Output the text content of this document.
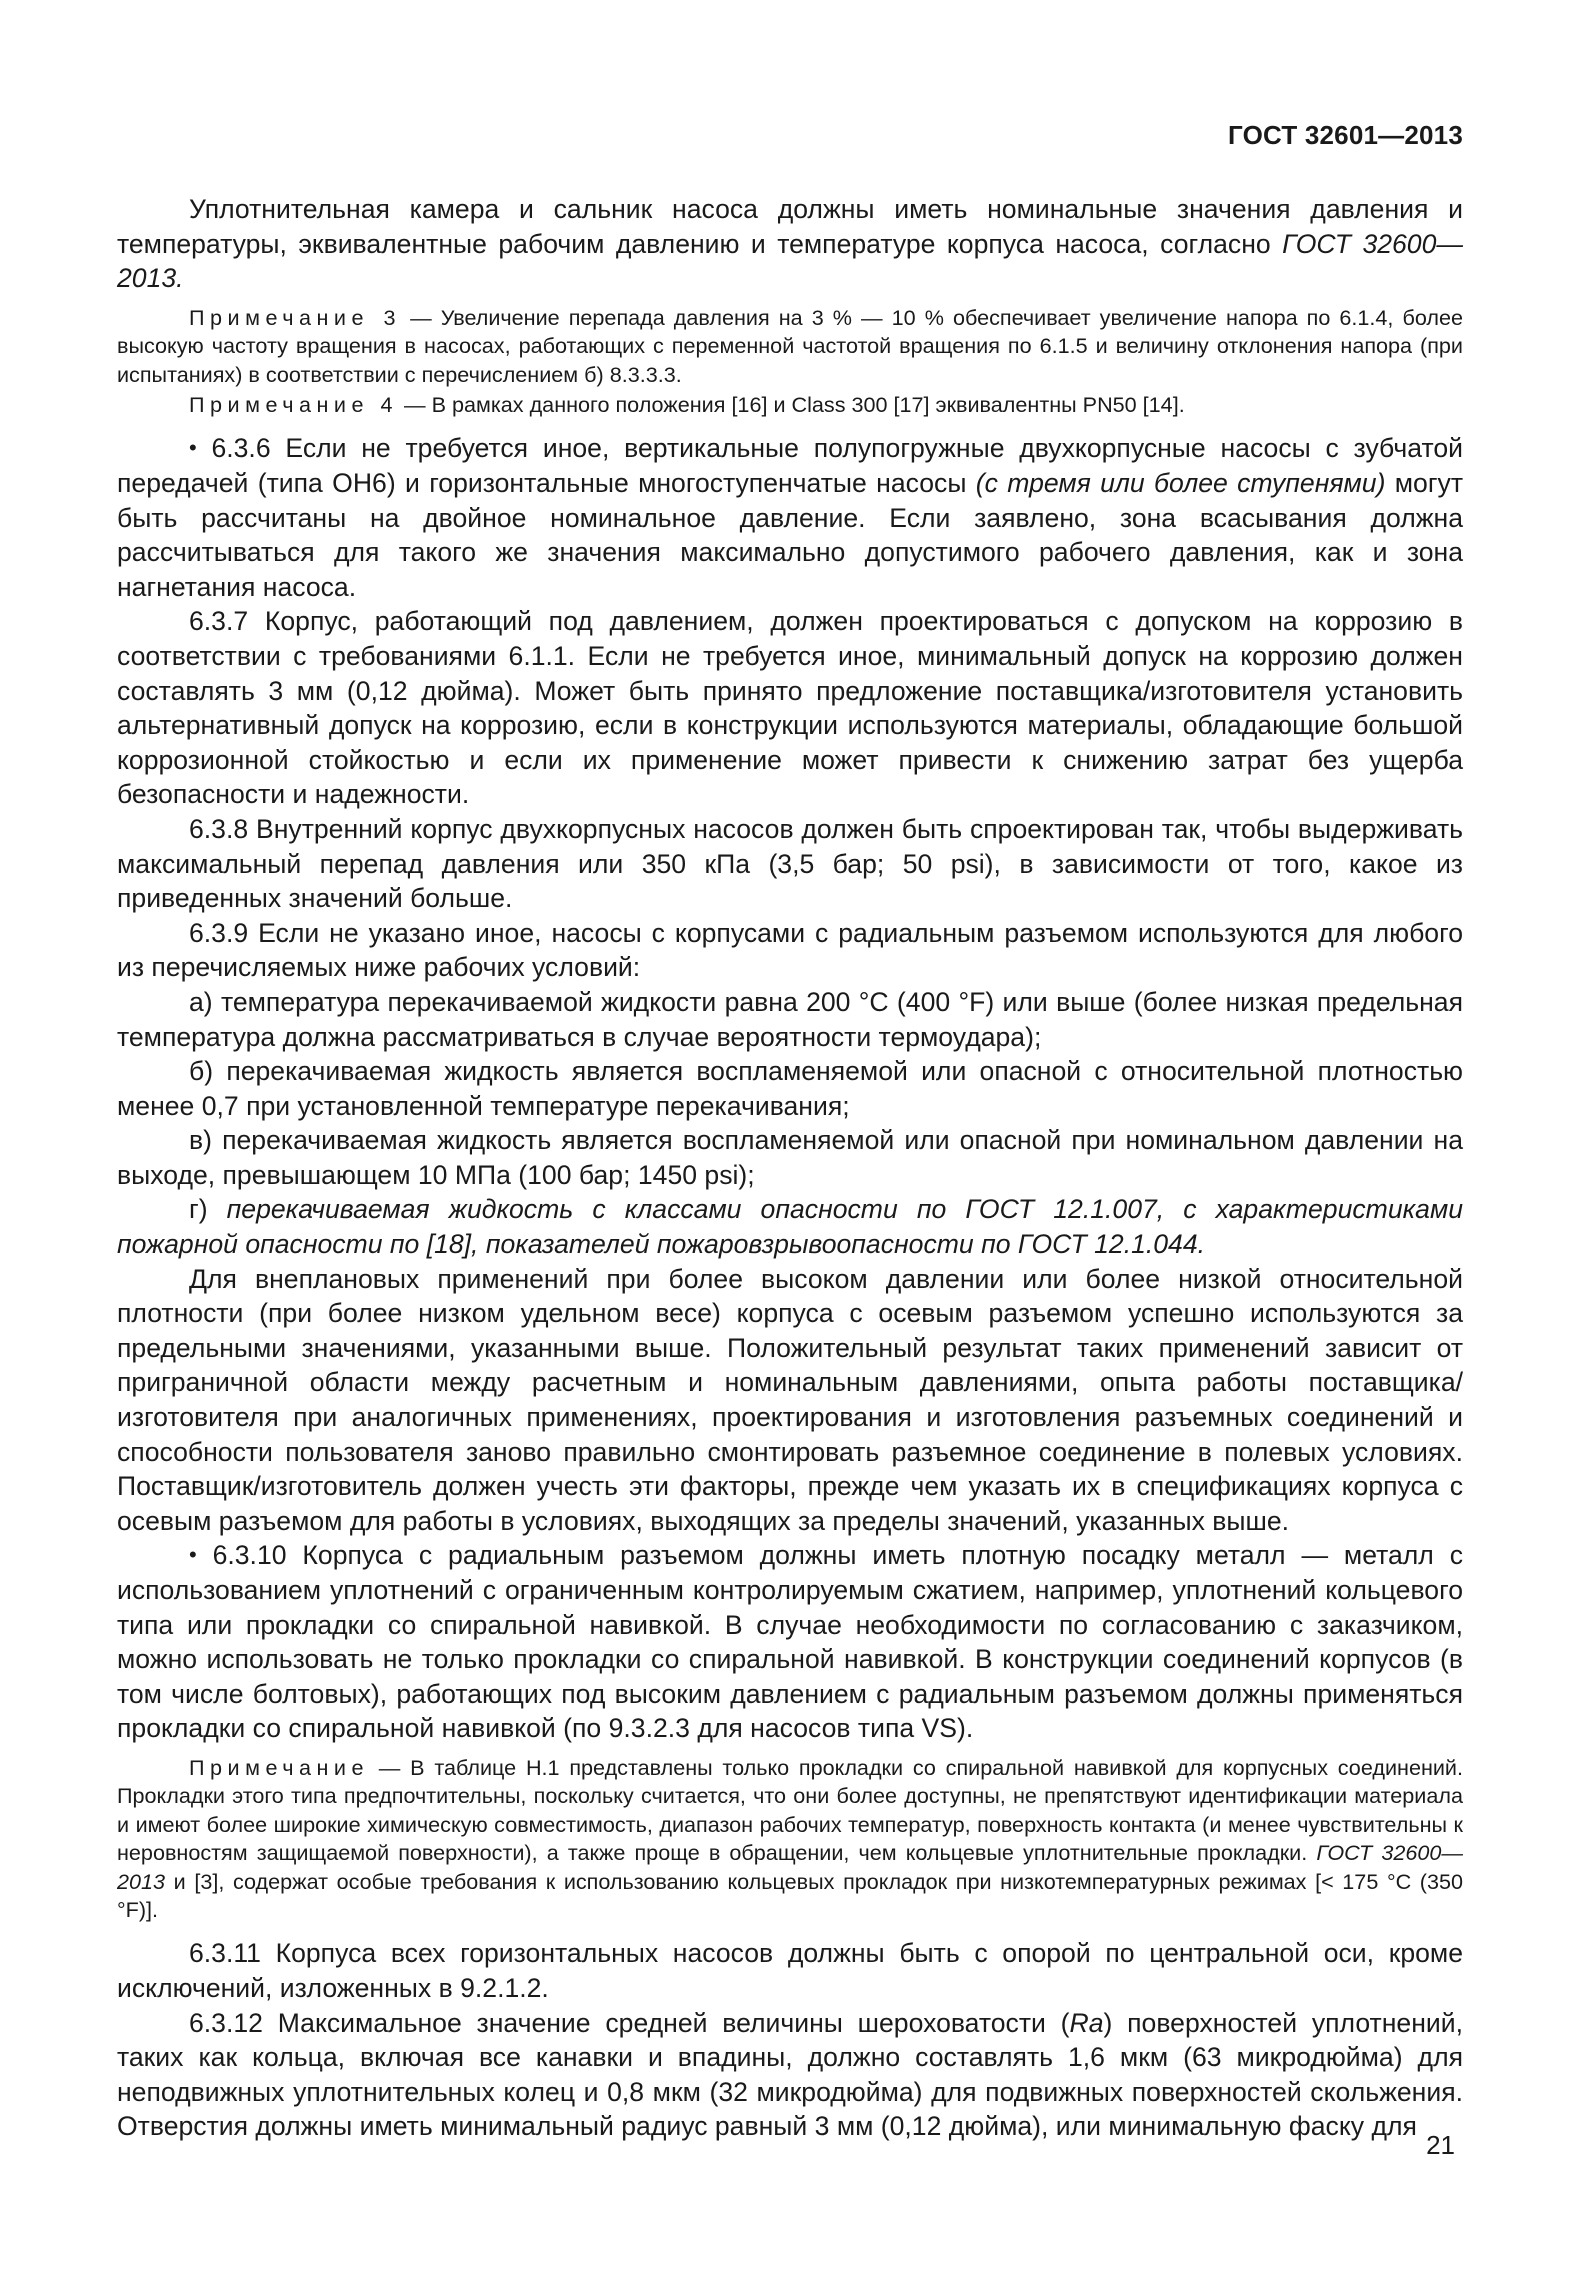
ГОСТ 32601—2013

Уплотнительная камера и сальник насоса должны иметь номинальные значения давления и температуры, эквивалентные рабочим давлению и температуре корпуса насоса, согласно ГОСТ 32600—2013.

Примечание 3 — Увеличение перепада давления на 3 % — 10 % обеспечивает увеличение напора по 6.1.4, более высокую частоту вращения в насосах, работающих с переменной частотой вращения по 6.1.5 и величину отклонения напора (при испытаниях) в соответствии с перечислением б) 8.3.3.3.

Примечание 4 — В рамках данного положения [16] и Class 300 [17] эквивалентны PN50 [14].

• 6.3.6 Если не требуется иное, вертикальные полупогружные двухкорпусные насосы с зубчатой передачей (типа ОН6) и горизонтальные многоступенчатые насосы (с тремя или более ступенями) могут быть рассчитаны на двойное номинальное давление. Если заявлено, зона всасывания должна рассчитываться для такого же значения максимально допустимого рабочего давления, как и зона нагнетания насоса.

6.3.7 Корпус, работающий под давлением, должен проектироваться с допуском на коррозию в соответствии с требованиями 6.1.1. Если не требуется иное, минимальный допуск на коррозию должен составлять 3 мм (0,12 дюйма). Может быть принято предложение поставщика/изготовителя установить альтернативный допуск на коррозию, если в конструкции используются материалы, обладающие большой коррозионной стойкостью и если их применение может привести к снижению затрат без ущерба безопасности и надежности.

6.3.8 Внутренний корпус двухкорпусных насосов должен быть спроектирован так, чтобы выдерживать максимальный перепад давления или 350 кПа (3,5 бар; 50 psi), в зависимости от того, какое из приведенных значений больше.

6.3.9 Если не указано иное, насосы с корпусами с радиальным разъемом используются для любого из перечисляемых ниже рабочих условий:

а) температура перекачиваемой жидкости равна 200 °С (400 °F) или выше (более низкая предельная температура должна рассматриваться в случае вероятности термоудара);

б) перекачиваемая жидкость является воспламеняемой или опасной с относительной плотностью менее 0,7 при установленной температуре перекачивания;

в) перекачиваемая жидкость является воспламеняемой или опасной при номинальном давлении на выходе, превышающем 10 МПа (100 бар; 1450 psi);

г) перекачиваемая жидкость с классами опасности по ГОСТ 12.1.007, с характеристиками пожарной опасности по [18], показателей пожаровзрывоопасности по ГОСТ 12.1.044.

Для внеплановых применений при более высоком давлении или более низкой относительной плотности (при более низком удельном весе) корпуса с осевым разъемом успешно используются за предельными значениями, указанными выше. Положительный результат таких применений зависит от приграничной области между расчетным и номинальным давлениями, опыта работы поставщика/изготовителя при аналогичных применениях, проектирования и изготовления разъемных соединений и способности пользователя заново правильно смонтировать разъемное соединение в полевых условиях. Поставщик/изготовитель должен учесть эти факторы, прежде чем указать их в спецификациях корпуса с осевым разъемом для работы в условиях, выходящих за пределы значений, указанных выше.

• 6.3.10 Корпуса с радиальным разъемом должны иметь плотную посадку металл — металл с использованием уплотнений с ограниченным контролируемым сжатием, например, уплотнений кольцевого типа или прокладки со спиральной навивкой. В случае необходимости по согласованию с заказчиком, можно использовать не только прокладки со спиральной навивкой. В конструкции соединений корпусов (в том числе болтовых), работающих под высоким давлением с радиальным разъемом должны применяться прокладки со спиральной навивкой (по 9.3.2.3 для насосов типа VS).

Примечание — В таблице Н.1 представлены только прокладки со спиральной навивкой для корпусных соединений. Прокладки этого типа предпочтительны, поскольку считается, что они более доступны, не препятствуют идентификации материала и имеют более широкие химическую совместимость, диапазон рабочих температур, поверхность контакта (и менее чувствительны к неровностям защищаемой поверхности), а также проще в обращении, чем кольцевые уплотнительные прокладки. ГОСТ 32600—2013 и [3], содержат особые требования к использованию кольцевых прокладок при низкотемпературных режимах [< 175 °С (350 °F)].

6.3.11 Корпуса всех горизонтальных насосов должны быть с опорой по центральной оси, кроме исключений, изложенных в 9.2.1.2.

6.3.12 Максимальное значение средней величины шероховатости (Ra) поверхностей уплотнений, таких как кольца, включая все канавки и впадины, должно составлять 1,6 мкм (63 микродюйма) для неподвижных уплотнительных колец и 0,8 мкм (32 микродюйма) для подвижных поверхностей скольжения. Отверстия должны иметь минимальный радиус равный 3 мм (0,12 дюйма), или минимальную фаску для

21
